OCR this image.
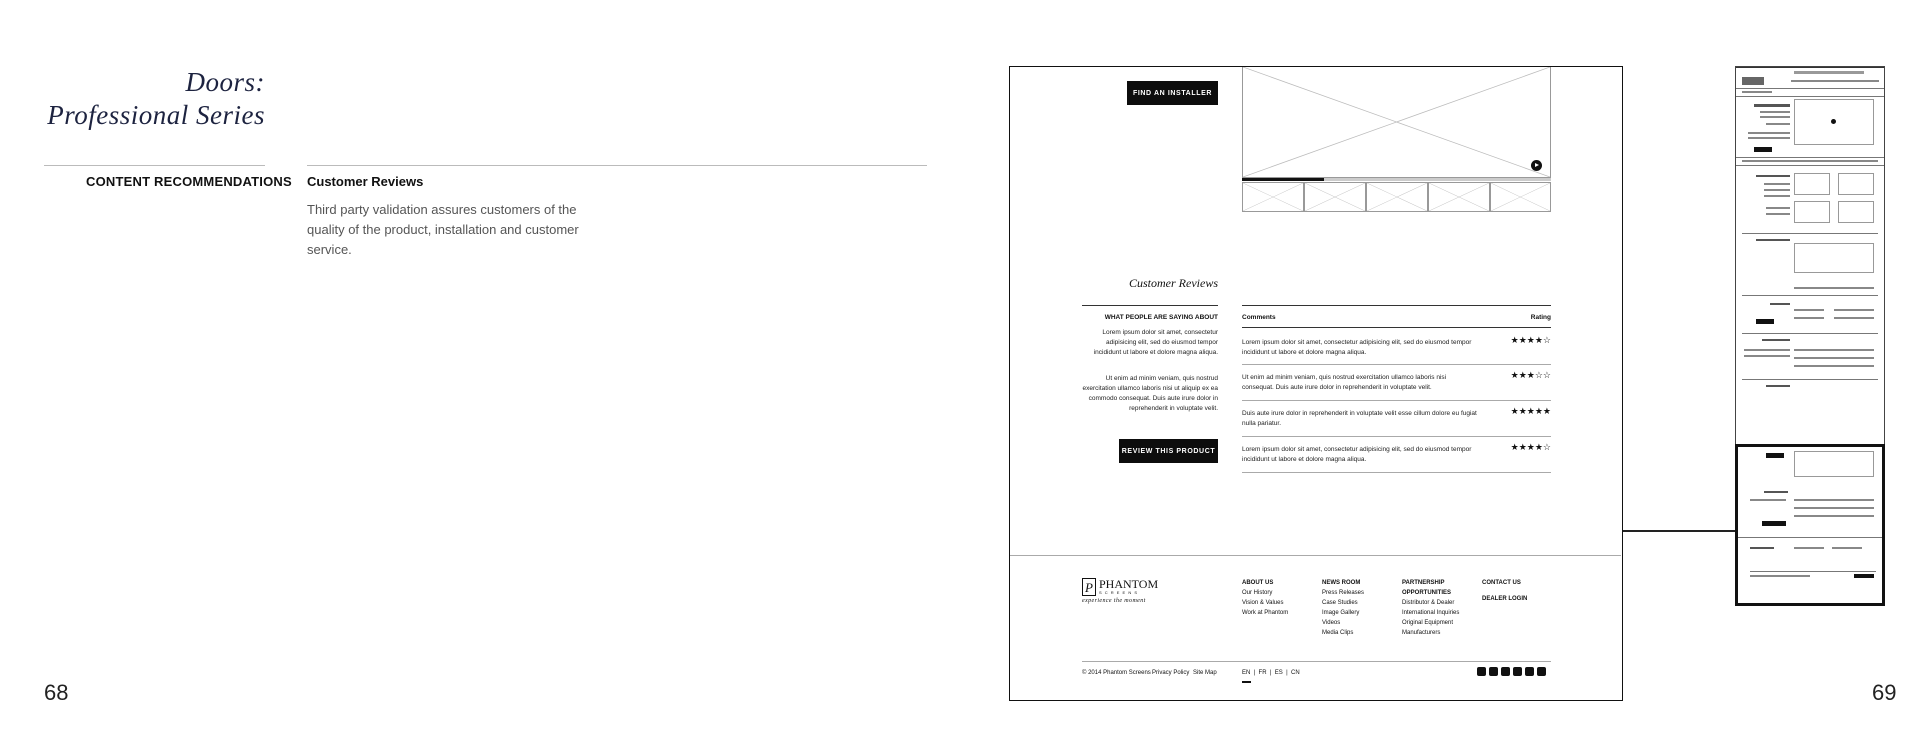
Doors:
Professional Series
CONTENT RECOMMENDATIONS Customer Reviews
Third party validation assures customers of the quality of the product, installation and customer service.
68	69
FIND AN INSTALLER
Customer Reviews
WHAT PEOPLE ARE SAYING ABOUT
Lorem ipsum dolor sit amet, consectetur adipisicing elit, sed do eiusmod tempor incididunt ut labore et dolore magna aliqua.
Ut enim ad minim veniam, quis nostrud exercitation ullamco laboris nisi ut aliquip ex ea commodo consequat. Duis aute irure dolor in reprehenderit in voluptate velit.
REVIEW THIS PRODUCT
Comments	Rating
Lorem ipsum dolor sit amet, consectetur adipisicing elit, sed do eiusmod tempor incididunt ut labore et dolore magna aliqua.
★★★★☆
Ut enim ad minim veniam, quis nostrud exercitation ullamco laboris nisi consequat. Duis aute irure dolor in reprehenderit in voluptate velit.
★★★☆☆
Duis aute irure dolor in reprehenderit in voluptate velit esse cillum dolore eu fugiat nulla pariatur.
★★★★★
Lorem ipsum dolor sit amet, consectetur adipisicing elit, sed do eiusmod tempor incididunt ut labore et dolore magna aliqua.
★★★★☆
P PHANTOM
S C R E E N S
experience the moment
ABOUT US
Our History
Vision & Values
Work at Phantom
NEWS ROOM
Press Releases
Case Studies
Image Gallery
Videos
Media Clips
PARTNERSHIP OPPORTUNITIES
Distributor & Dealer
International Inquiries
Original Equipment Manufacturers
CONTACT US
DEALER LOGIN
© 2014 Phantom Screens Privacy Policy Site Map	EN  |  FR  |  ES  |  CN
